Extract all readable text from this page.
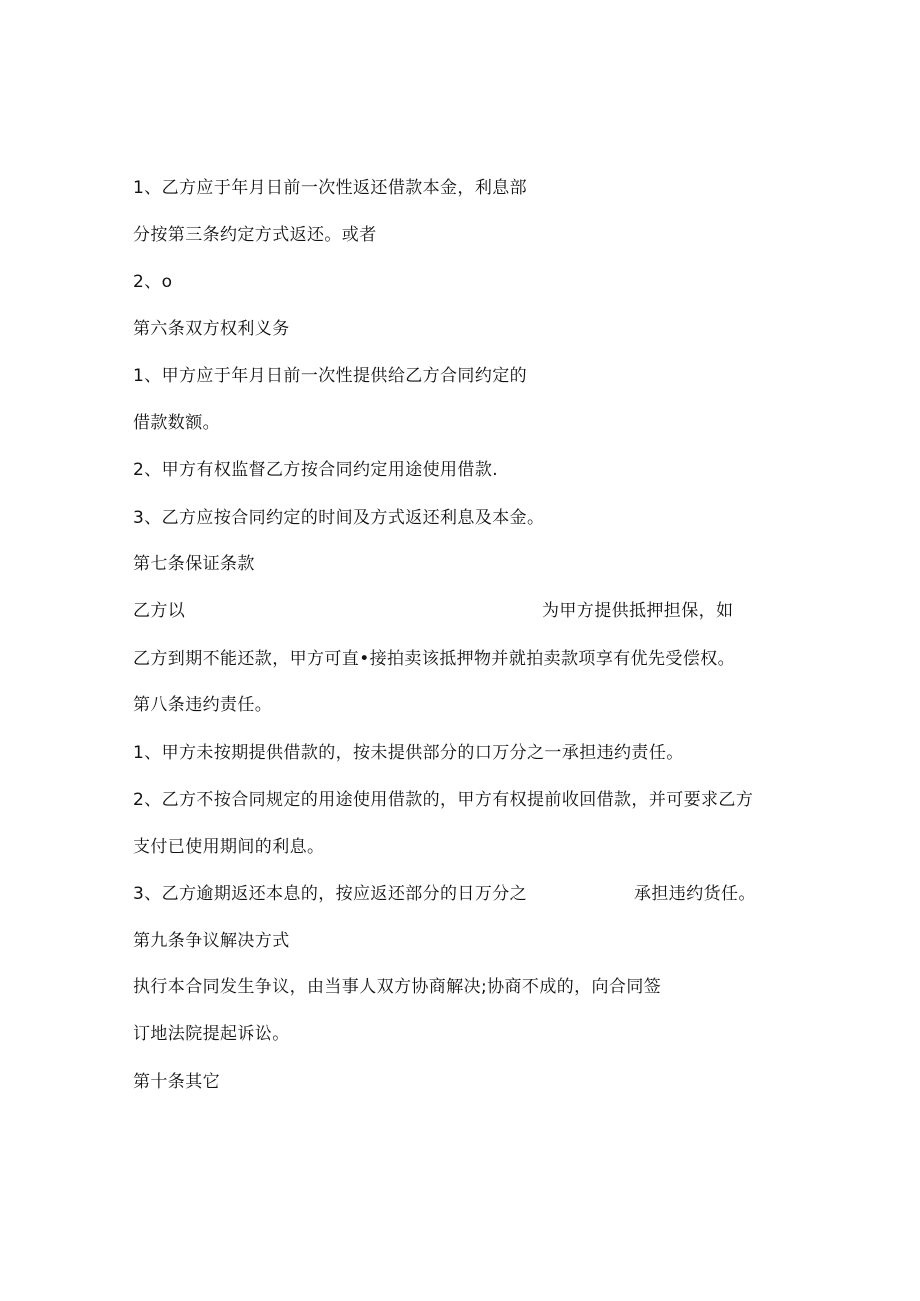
1、乙方应于年月日前一次性返还借款本金，利息部
分按第三条约定方式返还。或者
2、o
第六条双方权利义务
1、甲方应于年月日前一次性提供给乙方合同约定的
借款数额。
2、甲方有权监督乙方按合同约定用途使用借款.
3、乙方应按合同约定的时间及方式返还利息及本金。
第七条保证条款
乙方以	为甲方提供抵押担保，如
乙方到期不能还款，甲方可直•接拍卖该抵押物并就拍卖款项享有优先受偿权。
第八条违约责任。
1、甲方未按期提供借款的，按未提供部分的口万分之一承担违约责任。
2、乙方不按合同规定的用途使用借款的，甲方有权提前收回借款，并可要求乙方
支付已使用期间的利息。
3、乙方逾期返还本息的，按应返还部分的日万分之	承担违约货任。
第九条争议解决方式
执行本合同发生争议，由当事人双方协商解决;协商不成的，向合同签
订地法院提起诉讼。
第十条其它
